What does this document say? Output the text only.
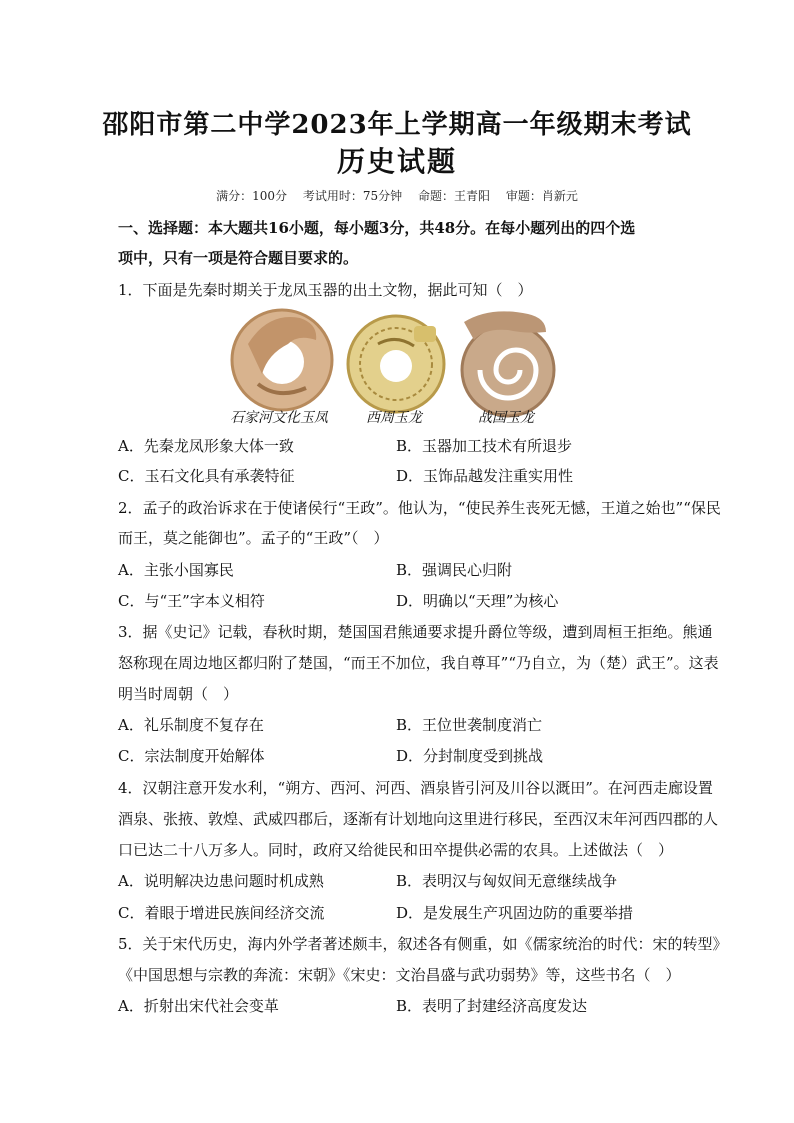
邵阳市第二中学2023年上学期高一年级期末考试
历史试题
满分：100分 考试用时：75分钟 命题：王青阳 审题：肖新元
一、选择题：本大题共16小题，每小题3分，共48分。在每小题列出的四个选
项中，只有一项是符合题目要求的。
1．下面是先秦时期关于龙凤玉器的出土文物，据此可知（　）
石家河文化玉凤	西周玉龙	战国玉龙
A．先秦龙凤形象大体一致	B．玉器加工技术有所退步
C．玉石文化具有承袭特征	D．玉饰品越发注重实用性
2．孟子的政治诉求在于使诸侯行“王政”。他认为，“使民养生丧死无憾，王道之始也”“保民
而王，莫之能御也”。孟子的“王政”（　）
A．主张小国寡民	B．强调民心归附
C．与“王”字本义相符	D．明确以“天理”为核心
3．据《史记》记载，春秋时期，楚国国君熊通要求提升爵位等级，遭到周桓王拒绝。熊通
怒称现在周边地区都归附了楚国，“而王不加位，我自尊耳”“乃自立，为（楚）武王”。这表
明当时周朝（　）
A．礼乐制度不复存在	B．王位世袭制度消亡
C．宗法制度开始解体	D．分封制度受到挑战
4．汉朝注意开发水利，“朔方、西河、河西、酒泉皆引河及川谷以溉田”。在河西走廊设置
酒泉、张掖、敦煌、武威四郡后，逐渐有计划地向这里进行移民，至西汉末年河西四郡的人
口已达二十八万多人。同时，政府又给徙民和田卒提供必需的农具。上述做法（　）
A．说明解决边患问题时机成熟	B．表明汉与匈奴间无意继续战争
C．着眼于增进民族间经济交流	D．是发展生产巩固边防的重要举措
5．关于宋代历史，海内外学者著述颇丰，叙述各有侧重，如《儒家统治的时代：宋的转型》
《中国思想与宗教的奔流：宋朝》《宋史：文治昌盛与武功弱势》等，这些书名（　）
A．折射出宋代社会变革	B．表明了封建经济高度发达
